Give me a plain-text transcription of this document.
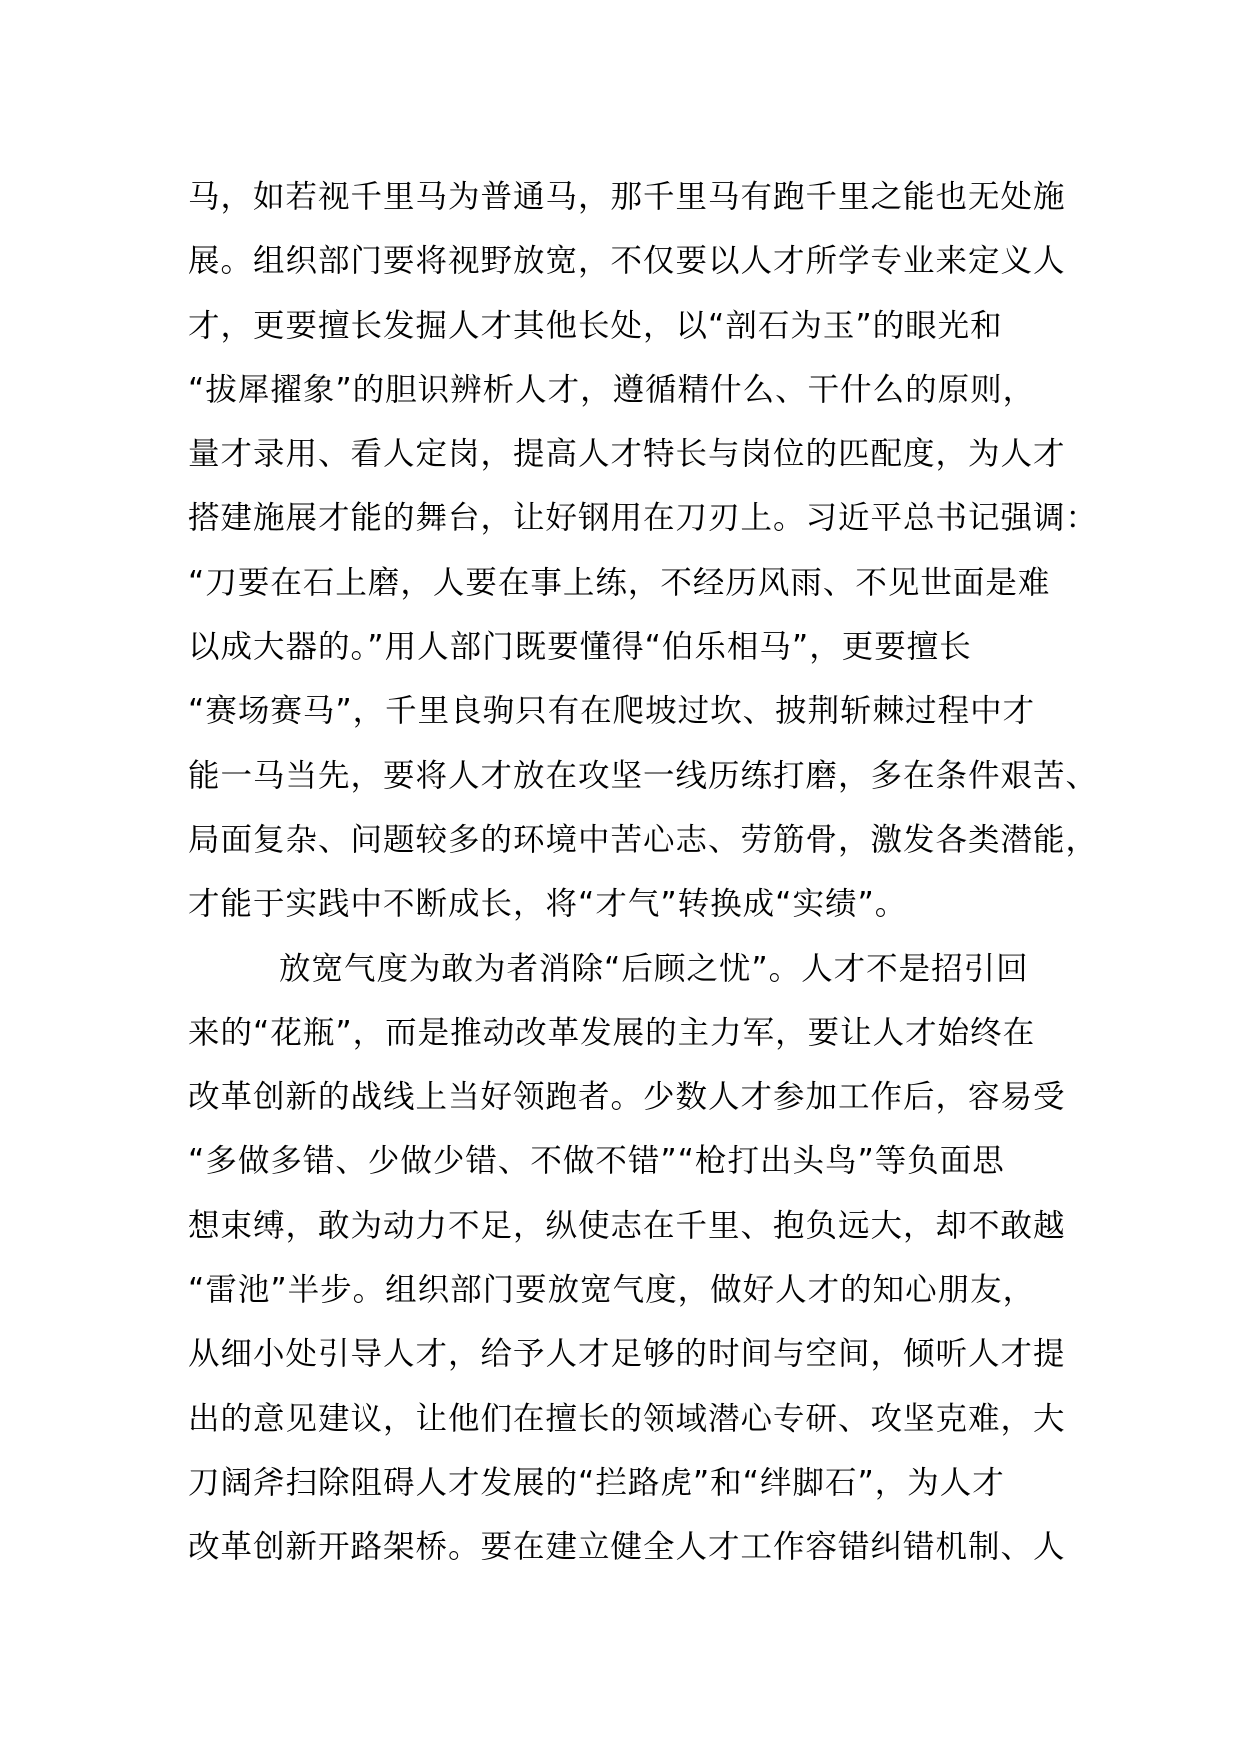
马，如若视千里马为普通马，那千里马有跑千里之能也无处施
展。组织部门要将视野放宽，不仅要以人才所学专业来定义人
才，更要擅长发掘人才其他长处，以“剖石为玉”的眼光和
“拔犀擢象”的胆识辨析人才，遵循精什么、干什么的原则，
量才录用、看人定岗，提高人才特长与岗位的匹配度，为人才
搭建施展才能的舞台，让好钢用在刀刃上。习近平总书记强调：
“刀要在石上磨，人要在事上练，不经历风雨、不见世面是难
以成大器的。”用人部门既要懂得“伯乐相马”，更要擅长
“赛场赛马”，千里良驹只有在爬坡过坎、披荆斩棘过程中才
能一马当先，要将人才放在攻坚一线历练打磨，多在条件艰苦、
局面复杂、问题较多的环境中苦心志、劳筋骨，激发各类潜能，
才能于实践中不断成长，将“才气”转换成“实绩”。
放宽气度为敢为者消除“后顾之忧”。人才不是招引回
来的“花瓶”，而是推动改革发展的主力军，要让人才始终在
改革创新的战线上当好领跑者。少数人才参加工作后，容易受
“多做多错、少做少错、不做不错”“枪打出头鸟”等负面思
想束缚，敢为动力不足，纵使志在千里、抱负远大，却不敢越
“雷池”半步。组织部门要放宽气度，做好人才的知心朋友，
从细小处引导人才，给予人才足够的时间与空间，倾听人才提
出的意见建议，让他们在擅长的领域潜心专研、攻坚克难，大
刀阔斧扫除阻碍人才发展的“拦路虎”和“绊脚石”，为人才
改革创新开路架桥。要在建立健全人才工作容错纠错机制、人
